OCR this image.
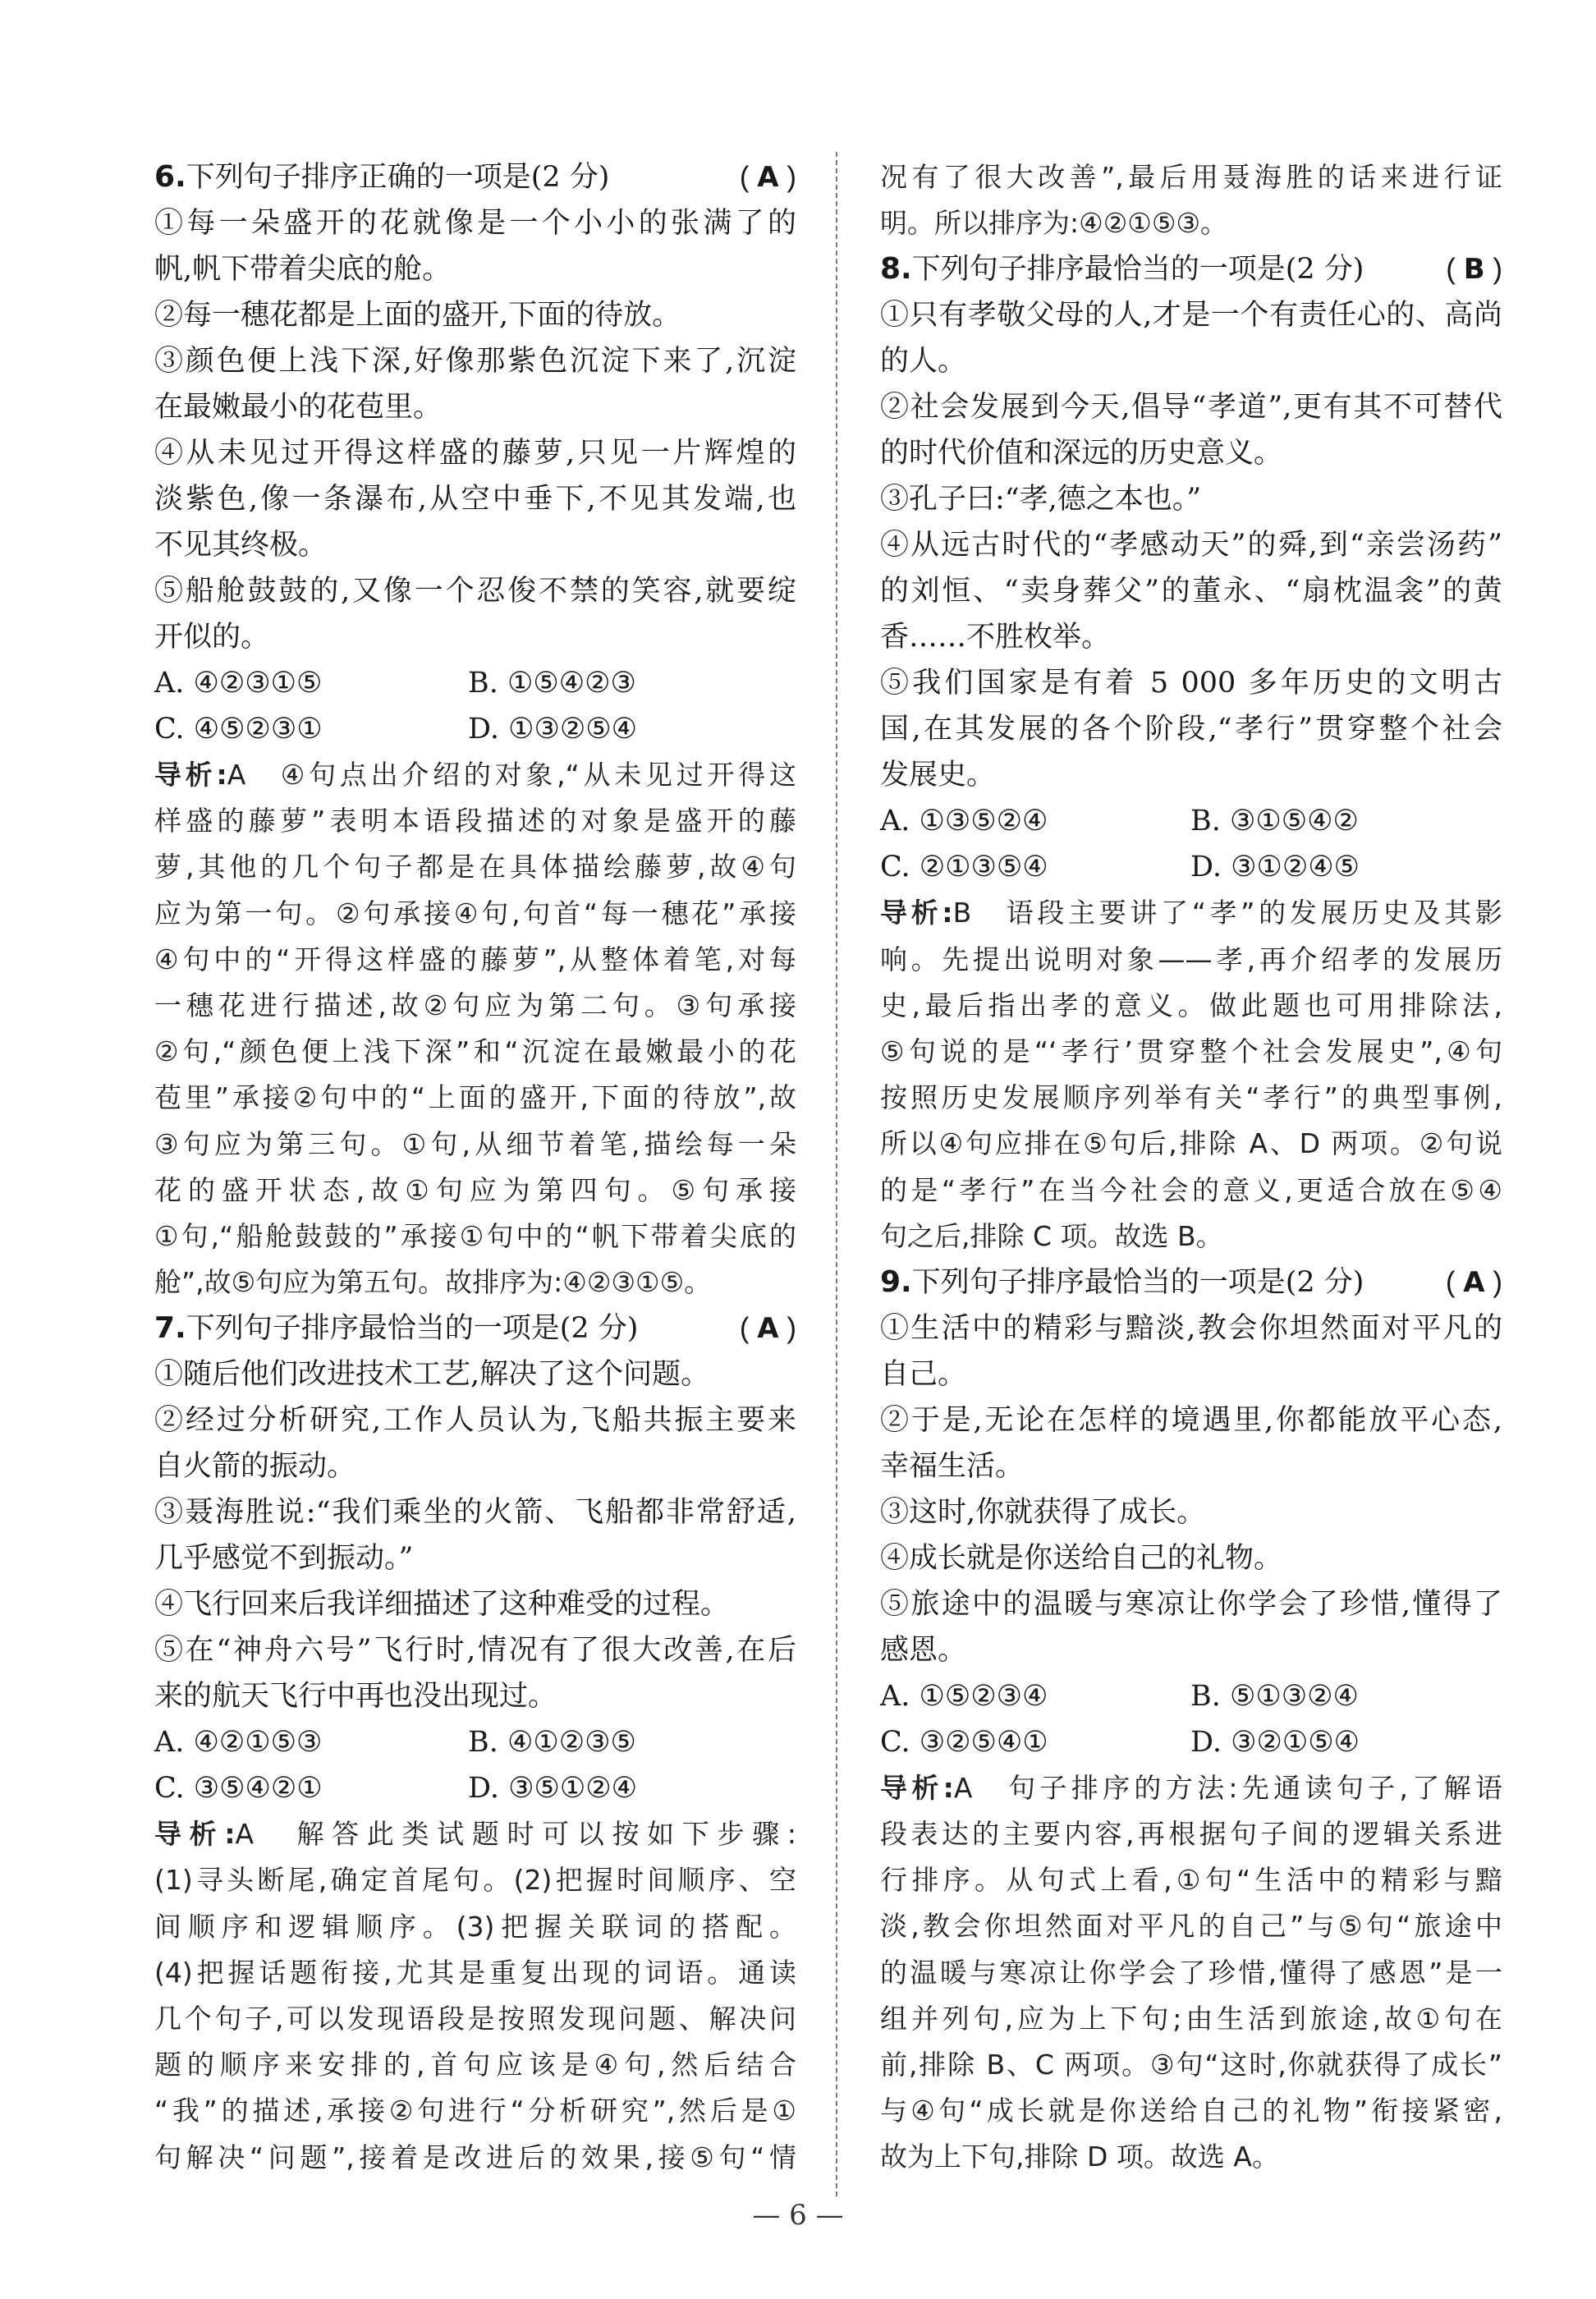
6.下列句子排序正确的一项是(2 分)	( A )
①每一朵盛开的花就像是一个小小的张满了的
帆,帆下带着尖底的舱。
②每一穗花都是上面的盛开,下面的待放。
③颜色便上浅下深,好像那紫色沉淀下来了,沉淀
在最嫩最小的花苞里。
④从未见过开得这样盛的藤萝,只见一片辉煌的
淡紫色,像一条瀑布,从空中垂下,不见其发端,也
不见其终极。
⑤船舱鼓鼓的,又像一个忍俊不禁的笑容,就要绽
开似的。
A. ④②③①⑤	B. ①⑤④②③
C. ④⑤②③①	D. ①③②⑤④
导析:A　④句点出介绍的对象,“从未见过开得这
样盛的藤萝”表明本语段描述的对象是盛开的藤
萝,其他的几个句子都是在具体描绘藤萝,故④句
应为第一句。②句承接④句,句首“每一穗花”承接
④句中的“开得这样盛的藤萝”,从整体着笔,对每
一穗花进行描述,故②句应为第二句。③句承接
②句,“颜色便上浅下深”和“沉淀在最嫩最小的花
苞里”承接②句中的“上面的盛开,下面的待放”,故
③句应为第三句。①句,从细节着笔,描绘每一朵
花的盛开状态,故①句应为第四句。⑤句承接
①句,“船舱鼓鼓的”承接①句中的“帆下带着尖底的
舱”,故⑤句应为第五句。故排序为:④②③①⑤。
7.下列句子排序最恰当的一项是(2 分)	( A )
①随后他们改进技术工艺,解决了这个问题。
②经过分析研究,工作人员认为,飞船共振主要来
自火箭的振动。
③聂海胜说:“我们乘坐的火箭、飞船都非常舒适,
几乎感觉不到振动。”
④飞行回来后我详细描述了这种难受的过程。
⑤在“神舟六号”飞行时,情况有了很大改善,在后
来的航天飞行中再也没出现过。
A. ④②①⑤③	B. ④①②③⑤
C. ③⑤④②①	D. ③⑤①②④
导析:A　解答此类试题时可以按如下步骤:
(1)寻头断尾,确定首尾句。(2)把握时间顺序、空
间顺序和逻辑顺序。(3)把握关联词的搭配。
(4)把握话题衔接,尤其是重复出现的词语。通读
几个句子,可以发现语段是按照发现问题、解决问
题的顺序来安排的,首句应该是④句,然后结合
“我”的描述,承接②句进行“分析研究”,然后是①
句解决“问题”,接着是改进后的效果,接⑤句“情
况有了很大改善”,最后用聂海胜的话来进行证
明。所以排序为:④②①⑤③。
8.下列句子排序最恰当的一项是(2 分)	( B )
①只有孝敬父母的人,才是一个有责任心的、高尚
的人。
②社会发展到今天,倡导“孝道”,更有其不可替代
的时代价值和深远的历史意义。
③孔子曰:“孝,德之本也。”
④从远古时代的“孝感动天”的舜,到“亲尝汤药”
的刘恒、“卖身葬父”的董永、“扇枕温衾”的黄
香……不胜枚举。
⑤我们国家是有着 5 000 多年历史的文明古
国,在其发展的各个阶段,“孝行”贯穿整个社会
发展史。
A. ①③⑤②④	B. ③①⑤④②
C. ②①③⑤④	D. ③①②④⑤
导析:B　语段主要讲了“孝”的发展历史及其影
响。先提出说明对象——孝,再介绍孝的发展历
史,最后指出孝的意义。做此题也可用排除法,
⑤句说的是“‘孝行’贯穿整个社会发展史”,④句
按照历史发展顺序列举有关“孝行”的典型事例,
所以④句应排在⑤句后,排除 A、D 两项。②句说
的是“孝行”在当今社会的意义,更适合放在⑤④
句之后,排除 C 项。故选 B。
9.下列句子排序最恰当的一项是(2 分)	( A )
①生活中的精彩与黯淡,教会你坦然面对平凡的
自己。
②于是,无论在怎样的境遇里,你都能放平心态,
幸福生活。
③这时,你就获得了成长。
④成长就是你送给自己的礼物。
⑤旅途中的温暖与寒凉让你学会了珍惜,懂得了
感恩。
A. ①⑤②③④	B. ⑤①③②④
C. ③②⑤④①	D. ③②①⑤④
导析:A　句子排序的方法:先通读句子,了解语
段表达的主要内容,再根据句子间的逻辑关系进
行排序。从句式上看,①句“生活中的精彩与黯
淡,教会你坦然面对平凡的自己”与⑤句“旅途中
的温暖与寒凉让你学会了珍惜,懂得了感恩”是一
组并列句,应为上下句;由生活到旅途,故①句在
前,排除 B、C 两项。③句“这时,你就获得了成长”
与④句“成长就是你送给自己的礼物”衔接紧密,
故为上下句,排除 D 项。故选 A。
— 6 —
